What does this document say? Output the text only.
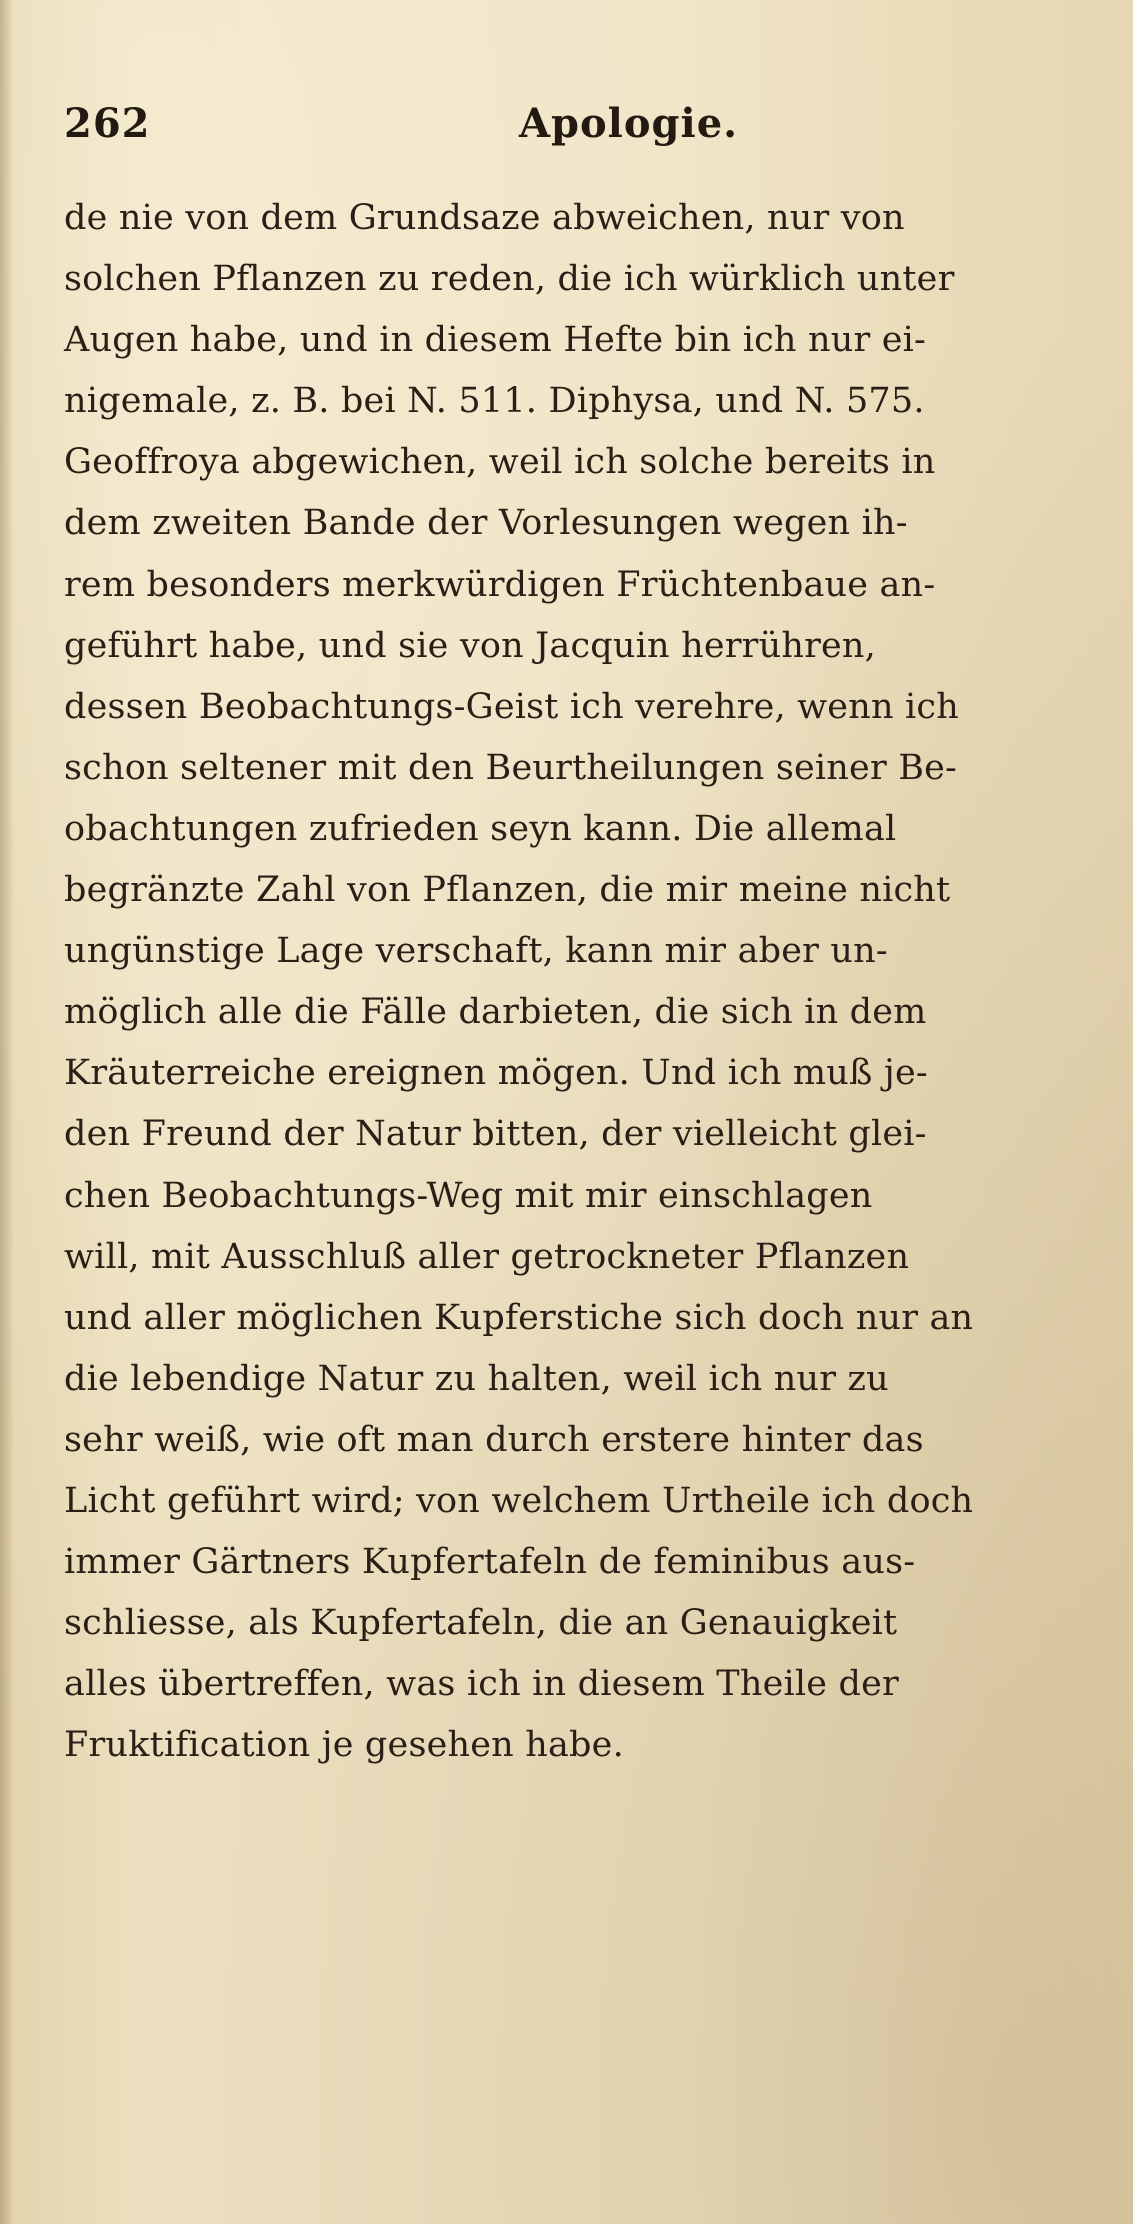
262	Apologie.
de nie von dem Grundsaze abweichen, nur von
solchen Pflanzen zu reden, die ich würklich unter
Augen habe, und in diesem Hefte bin ich nur ei-
nigemale, z. B. bei N. 511. Diphysa, und N. 575.
Geoffroya abgewichen, weil ich solche bereits in
dem zweiten Bande der Vorlesungen wegen ih-
rem besonders merkwürdigen Früchtenbaue an-
geführt habe, und sie von Jacquin herrühren,
dessen Beobachtungs-Geist ich verehre, wenn ich
schon seltener mit den Beurtheilungen seiner Be-
obachtungen zufrieden seyn kann. Die allemal
begränzte Zahl von Pflanzen, die mir meine nicht
ungünstige Lage verschaft, kann mir aber un-
möglich alle die Fälle darbieten, die sich in dem
Kräuterreiche ereignen mögen. Und ich muß je-
den Freund der Natur bitten, der vielleicht glei-
chen Beobachtungs-Weg mit mir einschlagen
will, mit Ausschluß aller getrockneter Pflanzen
und aller möglichen Kupferstiche sich doch nur an
die lebendige Natur zu halten, weil ich nur zu
sehr weiß, wie oft man durch erstere hinter das
Licht geführt wird; von welchem Urtheile ich doch
immer Gärtners Kupfertafeln de feminibus aus-
schliesse, als Kupfertafeln, die an Genauigkeit
alles übertreffen, was ich in diesem Theile der
Fruktification je gesehen habe.
